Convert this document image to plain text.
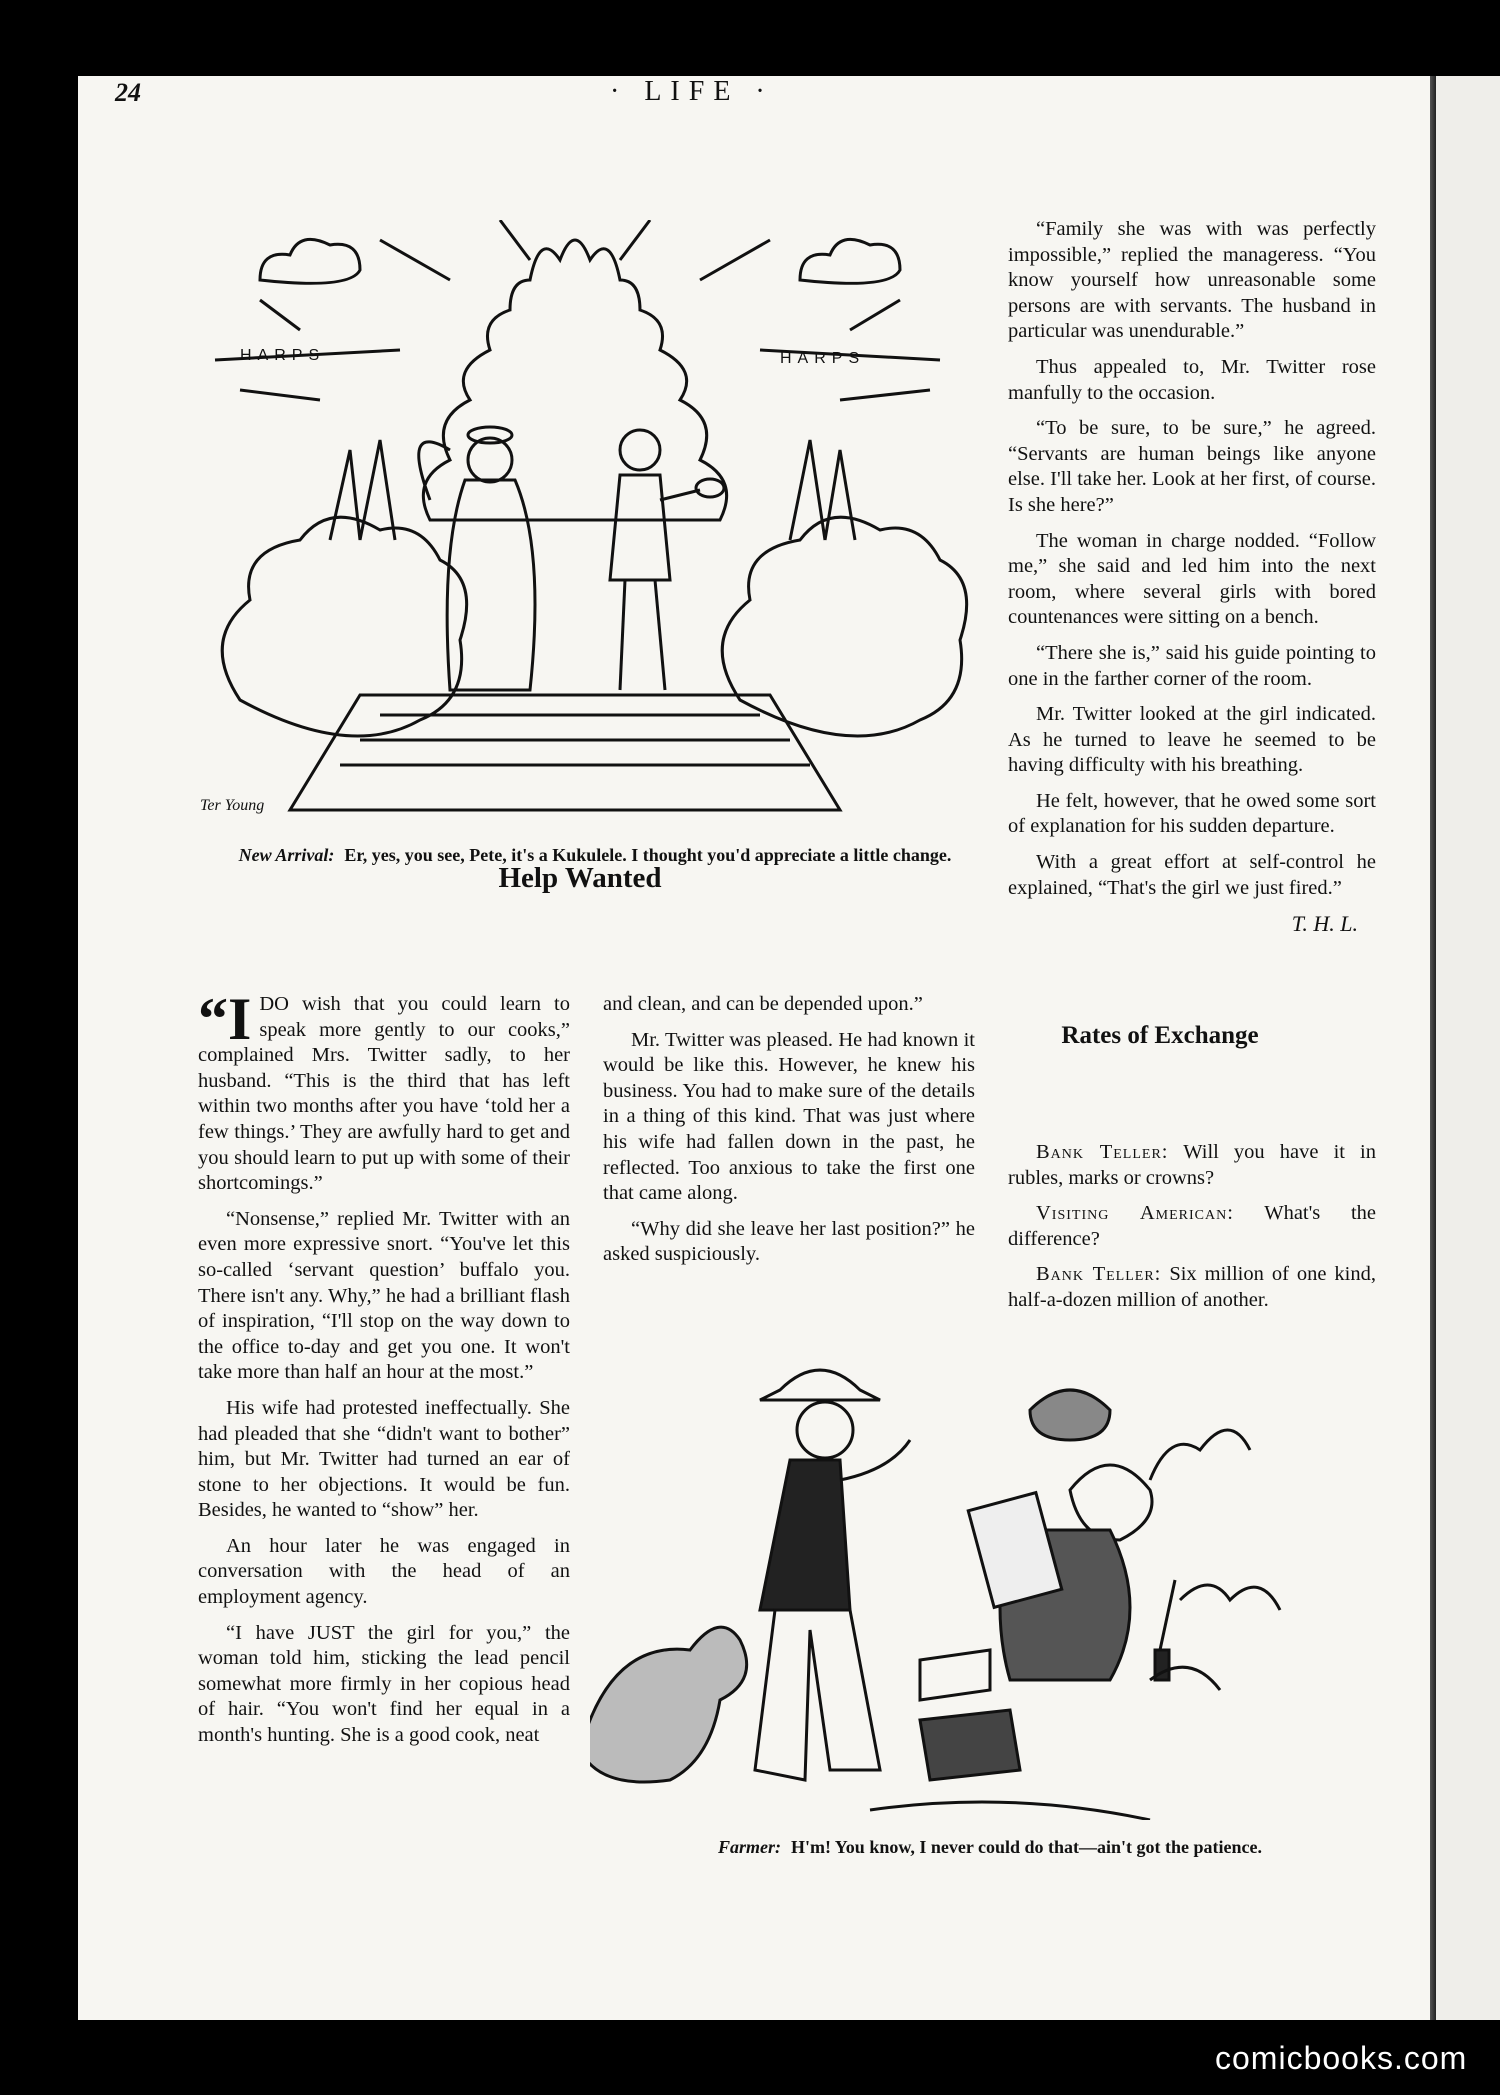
24	· LIFE ·
HARPS	HARPS
Ter Young
New Arrival: Er, yes, you see, Pete, it's a Kukulele. I thought you'd appreciate a little change.
Help Wanted

“I DO wish that you could learn to speak more gently to our cooks,” complained Mrs. Twitter sadly, to her husband. “This is the third that has left within two months after you have ‘told her a few things.’ They are awfully hard to get and you should learn to put up with some of their shortcomings.”

“Nonsense,” replied Mr. Twitter with an even more expressive snort. “You've let this so-called ‘servant question’ buffalo you. There isn't any. Why,” he had a brilliant flash of inspiration, “I'll stop on the way down to the office to-day and get you one. It won't take more than half an hour at the most.”

His wife had protested ineffectually. She had pleaded that she “didn't want to bother” him, but Mr. Twitter had turned an ear of stone to her objections. It would be fun. Besides, he wanted to “show” her.

An hour later he was engaged in conversation with the head of an employment agency.

“I have JUST the girl for you,” the woman told him, sticking the lead pencil somewhat more firmly in her copious head of hair. “You won't find her equal in a month's hunting. She is a good cook, neat

and clean, and can be depended upon.”

Mr. Twitter was pleased. He had known it would be like this. However, he knew his business. You had to make sure of the details in a thing of this kind. That was just where his wife had fallen down in the past, he reflected. Too anxious to take the first one that came along.

“Why did she leave her last position?” he asked suspiciously.

“Family she was with was perfectly impossible,” replied the manageress. “You know yourself how unreasonable some persons are with servants. The husband in particular was unendurable.”

Thus appealed to, Mr. Twitter rose manfully to the occasion.

“To be sure, to be sure,” he agreed. “Servants are human beings like anyone else. I'll take her. Look at her first, of course. Is she here?”

The woman in charge nodded. “Follow me,” she said and led him into the next room, where several girls with bored countenances were sitting on a bench.

“There she is,” said his guide pointing to one in the farther corner of the room.

Mr. Twitter looked at the girl indicated. As he turned to leave he seemed to be having difficulty with his breathing.

He felt, however, that he owed some sort of explanation for his sudden departure.

With a great effort at self-control he explained, “That's the girl we just fired.”

T. H. L.

Rates of Exchange

Bank Teller: Will you have it in rubles, marks or crowns?

Visiting American: What's the difference?

Bank Teller: Six million of one kind, half-a-dozen million of another.

Farmer: H'm! You know, I never could do that—ain't got the patience.
comicbooks.com
